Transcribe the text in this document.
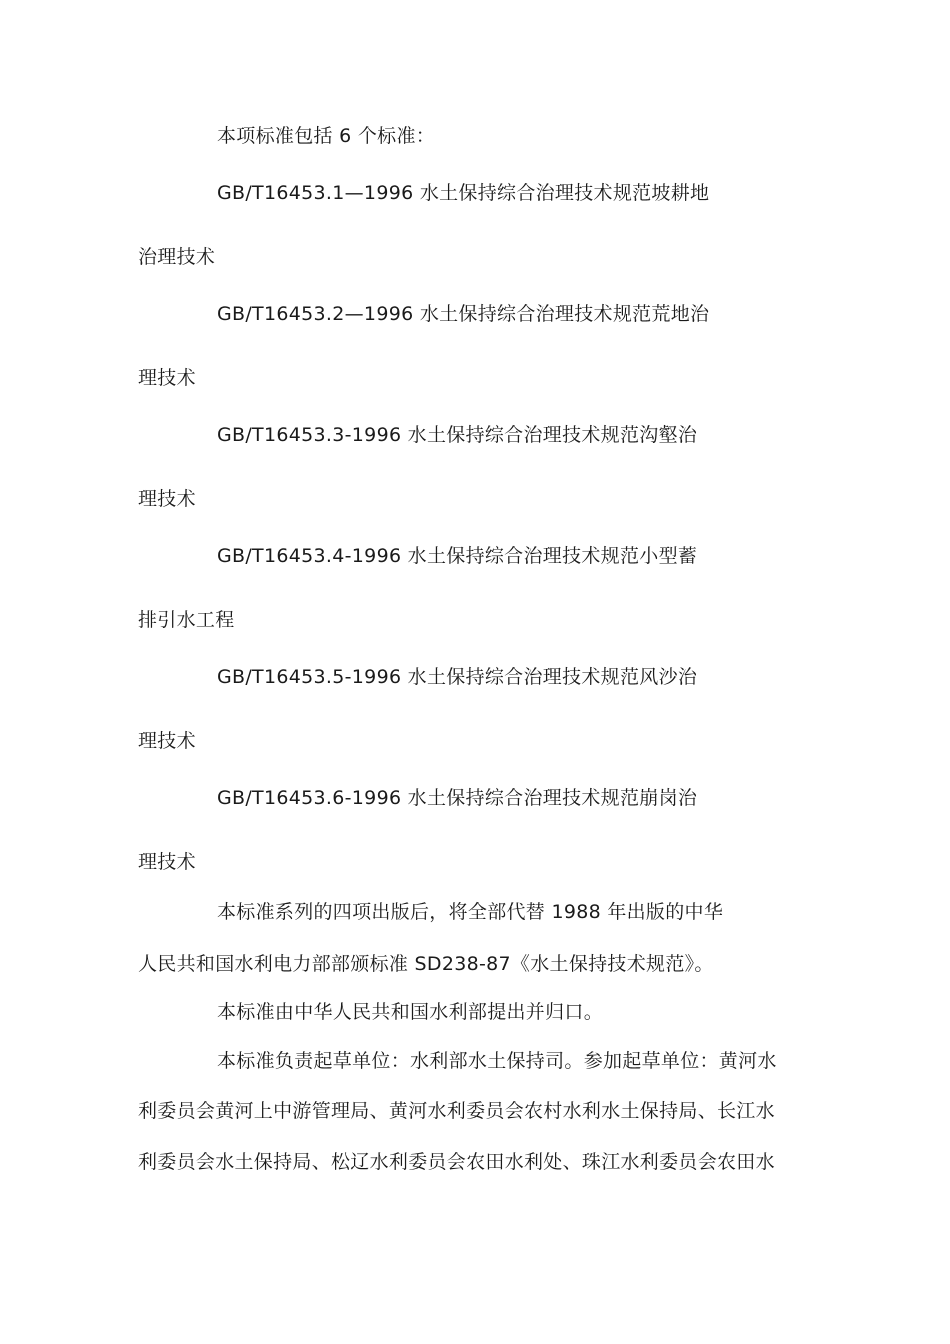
本项标准包括 6 个标准：
GB/T16453.1—1996 水土保持综合治理技术规范坡耕地
治理技术
GB/T16453.2—1996 水土保持综合治理技术规范荒地治
理技术
GB/T16453.3-1996 水土保持综合治理技术规范沟壑治
理技术
GB/T16453.4-1996 水土保持综合治理技术规范小型蓄
排引水工程
GB/T16453.5-1996 水土保持综合治理技术规范风沙治
理技术
GB/T16453.6-1996 水土保持综合治理技术规范崩岗治
理技术
本标准系列的四项出版后，将全部代替 1988 年出版的中华
人民共和国水利电力部部颁标准 SD238-87《水土保持技术规范》。
本标准由中华人民共和国水利部提出并归口。
本标准负责起草单位：水利部水土保持司。参加起草单位：黄河水
利委员会黄河上中游管理局、黄河水利委员会农村水利水土保持局、长江水
利委员会水土保持局、松辽水利委员会农田水利处、珠江水利委员会农田水
